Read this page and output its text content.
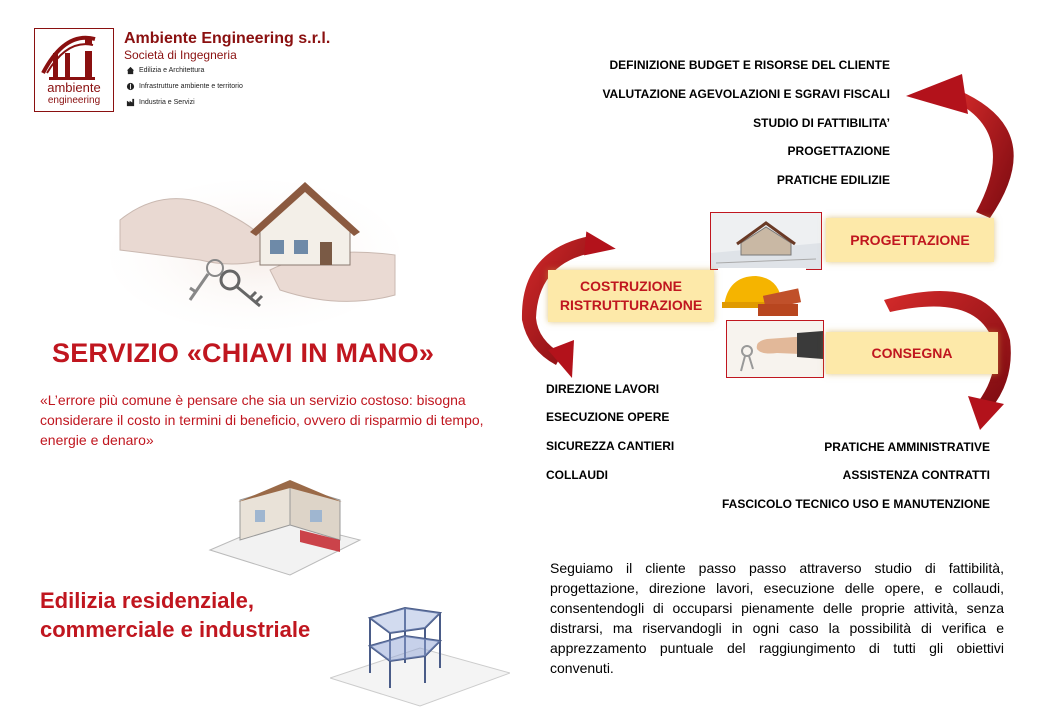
ambiente
engineering
Ambiente Engineering s.r.l.
Società di Ingegneria
Edilizia e Architettura
Infrastrutture ambiente e territorio
Industria e Servizi
SERVIZIO «CHIAVI IN MANO»
«L’errore più comune è pensare che sia un servizio costoso: bisogna considerare il costo in termini di beneficio, ovvero di risparmio di tempo, energie e denaro»
Edilizia residenziale,
commerciale e industriale
DEFINIZIONE BUDGET E RISORSE DEL CLIENTE
VALUTAZIONE AGEVOLAZIONI E SGRAVI FISCALI
STUDIO DI FATTIBILITA’
PROGETTAZIONE
PRATICHE EDILIZIE
PROGETTAZIONE
COSTRUZIONE
RISTRUTTURAZIONE
CONSEGNA
DIREZIONE LAVORI
ESECUZIONE OPERE
SICUREZZA CANTIERI
COLLAUDI
PRATICHE AMMINISTRATIVE
ASSISTENZA CONTRATTI
FASCICOLO TECNICO USO E MANUTENZIONE
Seguiamo il cliente passo passo attraverso studio di fattibilità, progettazione, direzione lavori, esecuzione delle opere, e collaudi, consentendogli di occuparsi pienamente delle proprie attività, senza distrarsi, ma riservandogli in ogni caso la possibilità di verifica e apprezzamento puntuale del raggiungimento di tutti gli obiettivi convenuti.
